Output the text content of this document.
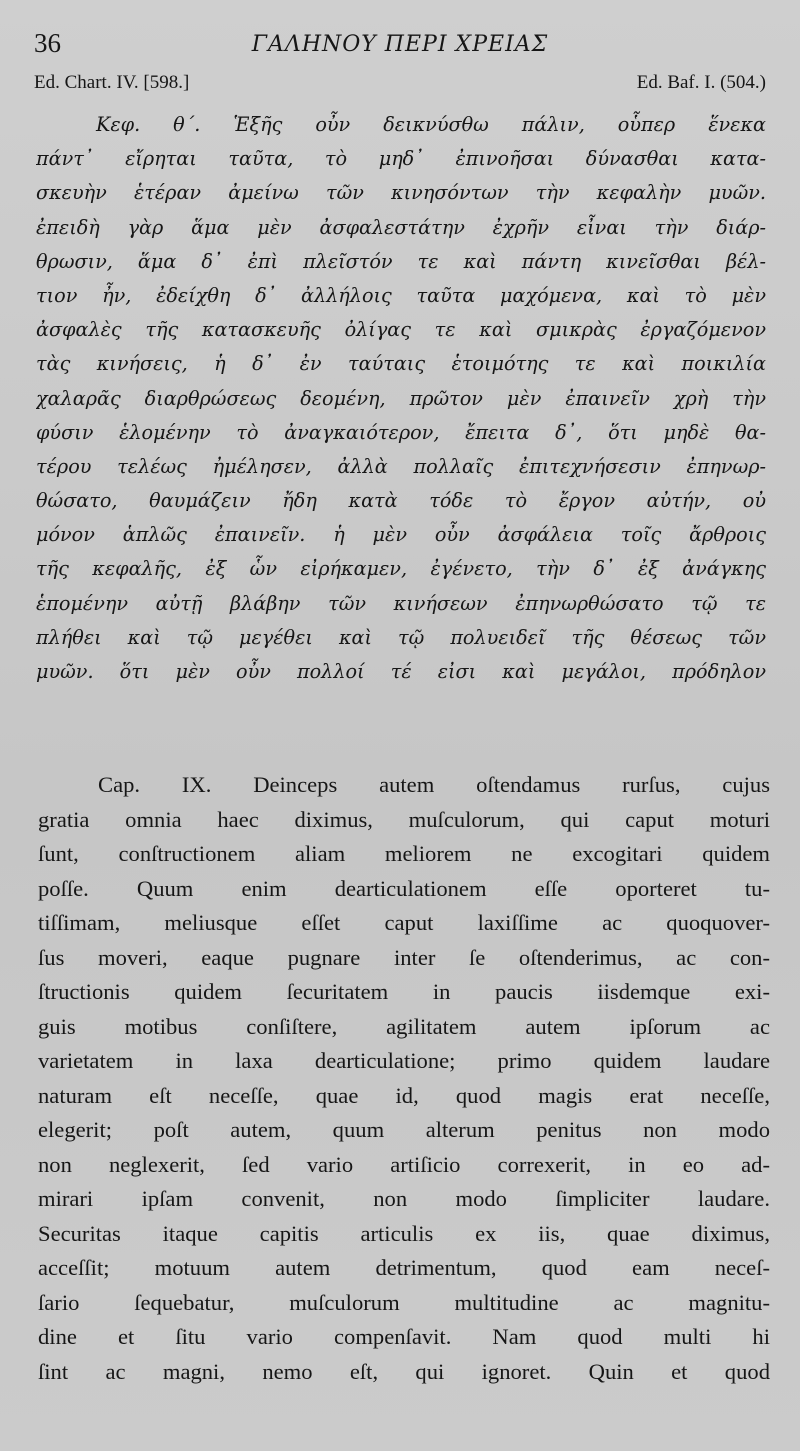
36	ΓΑΛΗΝΟΥ ΠΕΡΙ ΧΡΕΙΑΣ
Ed. Chart. IV. [598.]	Ed. Baf. I. (504.)
Κεφ. θ΄. Ἑξῆς οὖν δεικνύσθω πάλιν, οὗπερ ἕνεκα
πάντ᾽ εἴρηται ταῦτα, τὸ μηδ᾽ ἐπινοῆσαι δύνασθαι κατα-
σκευὴν ἑτέραν ἀμείνω τῶν κινησόντων τὴν κεφαλὴν μυῶν.
ἐπειδὴ γὰρ ἅμα μὲν ἀσφαλεστάτην ἐχρῆν εἶναι τὴν διάρ-
θρωσιν, ἅμα δ᾽ ἐπὶ πλεῖστόν τε καὶ πάντη κινεῖσθαι βέλ-
τιον ἦν, ἐδείχθη δ᾽ ἀλλήλοις ταῦτα μαχόμενα, καὶ τὸ μὲν
ἀσφαλὲς τῆς κατασκευῆς ὀλίγας τε καὶ σμικρὰς ἐργαζόμενον
τὰς κινήσεις, ἡ δ᾽ ἐν ταύταις ἑτοιμότης τε καὶ ποικιλία
χαλαρᾶς διαρθρώσεως δεομένη, πρῶτον μὲν ἐπαινεῖν χρὴ τὴν
φύσιν ἑλομένην τὸ ἀναγκαιότερον, ἔπειτα δ᾽, ὅτι μηδὲ θα-
τέρου τελέως ἠμέλησεν, ἀλλὰ πολλαῖς ἐπιτεχνήσεσιν ἐπηνωρ-
θώσατο, θαυμάζειν ἤδη κατὰ τόδε τὸ ἔργον αὐτήν, οὐ
μόνον ἁπλῶς ἐπαινεῖν. ἡ μὲν οὖν ἀσφάλεια τοῖς ἄρθροις
τῆς κεφαλῆς, ἐξ ὧν εἰρήκαμεν, ἐγένετο, τὴν δ᾽ ἐξ ἀνάγκης
ἑπομένην αὐτῇ βλάβην τῶν κινήσεων ἐπηνωρθώσατο τῷ τε
πλήθει καὶ τῷ μεγέθει καὶ τῷ πολυειδεῖ τῆς θέσεως τῶν
μυῶν. ὅτι μὲν οὖν πολλοί τέ εἰσι καὶ μεγάλοι, πρόδηλον
Cap. IX. Deinceps autem oſtendamus rurſus, cujus
gratia omnia haec diximus, muſculorum, qui caput moturi
ſunt, conſtructionem aliam meliorem ne excogitari quidem
poſſe. Quum enim dearticulationem eſſe oporteret tu-
tiſſimam, meliusque eſſet caput laxiſſime ac quoquover-
ſus moveri, eaque pugnare inter ſe oſtenderimus, ac con-
ſtructionis quidem ſecuritatem in paucis iisdemque exi-
guis motibus conſiſtere, agilitatem autem ipſorum ac
varietatem in laxa dearticulatione; primo quidem laudare
naturam eſt neceſſe, quae id, quod magis erat neceſſe,
elegerit; poſt autem, quum alterum penitus non modo
non neglexerit, ſed vario artiſicio correxerit, in eo ad-
mirari ipſam convenit, non modo ſimpliciter laudare.
Securitas itaque capitis articulis ex iis, quae diximus,
acceſſit; motuum autem detrimentum, quod eam neceſ-
ſario ſequebatur, muſculorum multitudine ac magnitu-
dine et ſitu vario compenſavit. Nam quod multi hi
ſint ac magni, nemo eſt, qui ignoret. Quin et quod
